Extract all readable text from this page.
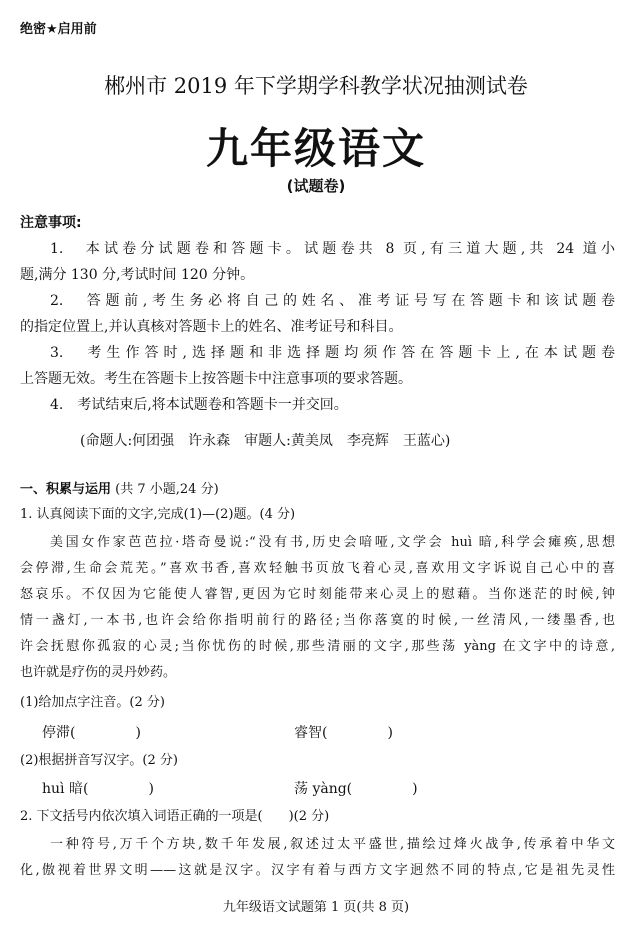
绝密★启用前
郴州市 2019 年下学期学科教学状况抽测试卷
九年级语文
(试题卷)
注意事项:
1.　本试卷分试题卷和答题卡。试题卷共 8 页,有三道大题,共 24 道小
题,满分 130 分,考试时间 120 分钟。
2.　答题前,考生务必将自己的姓名、准考证号写在答题卡和该试题卷
的指定位置上,并认真核对答题卡上的姓名、准考证号和科目。
3.　考生作答时,选择题和非选择题均须作答在答题卡上,在本试题卷
上答题无效。考生在答题卡上按答题卡中注意事项的要求答题。
4.　考试结束后,将本试题卷和答题卡一并交回。
(命题人:何团强　许永森　审题人:黄美凤　李亮辉　王蓝心)
一、积累与运用 (共 7 小题,24 分)
1. 认真阅读下面的文字,完成(1)—(2)题。(4 分)
美国女作家芭芭拉·塔奇曼说:“没有书,历史会喑哑,文学会 huì 暗,科学会瘫痪,思想
会停滞,生命会荒芜。”喜欢书香,喜欢轻触书页放飞着心灵,喜欢用文字诉说自己心中的喜
怒哀乐。不仅因为它能使人睿智,更因为它时刻能带来心灵上的慰藉。当你迷茫的时候,钟
情一盏灯,一本书,也许会给你指明前行的路径;当你落寞的时候,一丝清风,一缕墨香,也
许会抚慰你孤寂的心灵;当你忧伤的时候,那些清丽的文字,那些荡 yàng 在文字中的诗意,
也许就是疗伤的灵丹妙药。
(1)给加点字注音。(2 分)
停滞(	)	睿智(	)
(2)根据拼音写汉字。(2 分)
huì 暗(	)	荡 yàng(	)
2. 下文括号内依次填入词语正确的一项是(　　)(2 分)
一种符号,万千个方块,数千年发展,叙述过太平盛世,描绘过烽火战争,传承着中华文
化,傲视着世界文明——这就是汉字。汉字有着与西方文字迥然不同的特点,它是祖先灵性
九年级语文试题第 1 页(共 8 页)
